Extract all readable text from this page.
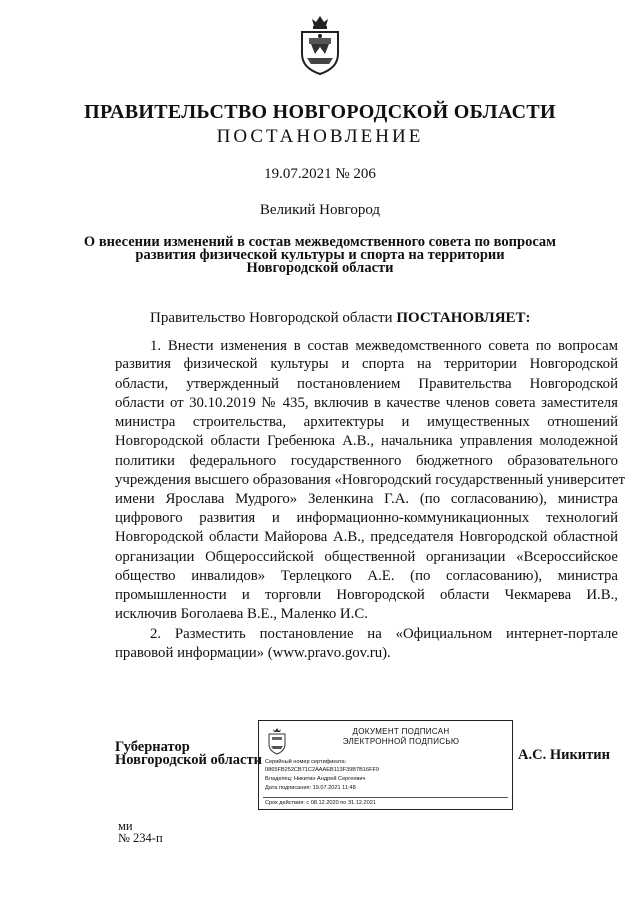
ПРАВИТЕЛЬСТВО НОВГОРОДСКОЙ ОБЛАСТИ
ПОСТАНОВЛЕНИЕ
19.07.2021 № 206
Великий Новгород
О внесении изменений в состав межведомственного совета по вопросам
развития физической культуры и спорта на территории
Новгородской области
Правительство Новгородской области ПОСТАНОВЛЯЕТ:
1. Внести изменения в состав межведомственного совета по вопросам
развития физической культуры и спорта на территории Новгородской
области, утвержденный постановлением Правительства Новгородской
области от 30.10.2019 № 435, включив в качестве членов совета заместителя
министра строительства, архитектуры и имущественных отношений
Новгородской области Гребенюка А.В., начальника управления молодежной
политики федерального государственного бюджетного образовательного
учреждения высшего образования «Новгородский государственный университет
имени Ярослава Мудрого» Зеленкина Г.А. (по согласованию), министра
цифрового развития и информационно-коммуникационных технологий
Новгородской области Майорова А.В., председателя Новгородской областной
организации Общероссийской общественной организации «Всероссийское
общество инвалидов» Терлецкого А.Е. (по согласованию), министра
промышленности и торговли Новгородской области Чекмарева И.В.,
исключив Боголаева В.Е., Маленко И.С.
2. Разместить постановление на «Официальном интернет-портале
правовой информации» (www.pravo.gov.ru).
Губернатор
Новгородской области
ДОКУМЕНТ ПОДПИСАН
ЭЛЕКТРОННОЙ ПОДПИСЬЮ
Серийный номер сертификата:
0865FB252CB71C2AAAEB113F39B7B16FF9
Владелец: Никитин Андрей Сергеевич
Дата подписания: 19.07.2021 11:48
Срок действия: с 08.12.2020 по 31.12.2021
А.С. Никитин
ми
№ 234-п
